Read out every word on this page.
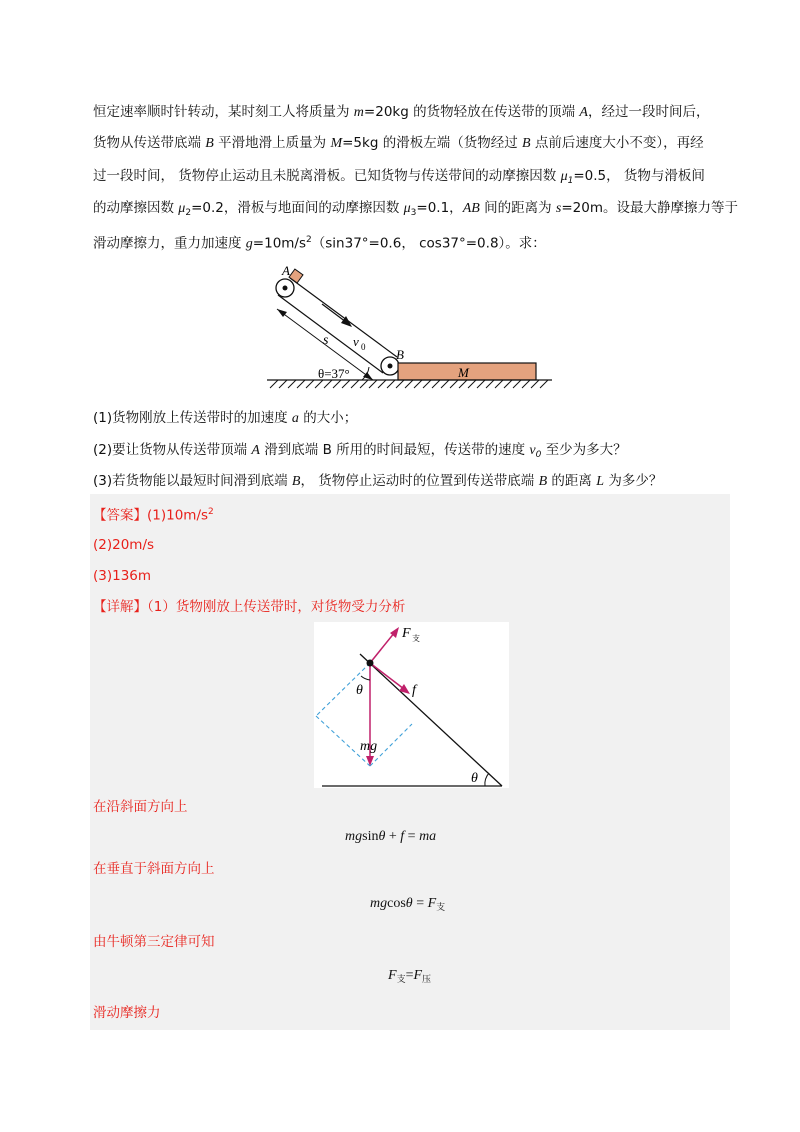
恒定速率顺时针转动，某时刻工人将质量为 m=20kg 的货物轻放在传送带的顶端 A，经过一段时间后，
货物从传送带底端 B 平滑地滑上质量为 M=5kg 的滑板左端（货物经过 B 点前后速度大小不变），再经
过一段时间， 货物停止运动且未脱离滑板。已知货物与传送带间的动摩擦因数 $\mu_1=0.5$， 货物与滑板间
的动摩擦因数 $\mu_2=0.2$，滑板与地面间的动摩擦因数 $\mu_3=0.1$，AB 间的距离为 s=20m。设最大静摩擦力等于
滑动摩擦力，重力加速度 $g=10m/s^2(\sin 37^\circ=0.6$， cos37°=0.8）。求：
A
B
s v 0
θ=37°	M
(1)货物刚放上传送带时的加速度 a 的大小；
(2)要让货物从传送带顶端 A 滑到底端 B 所用的时间最短，传送带的速度 $v_0$ 至少为多大？
(3)若货物能以最短时间滑到底端 B， 货物停止运动时的位置到传送带底端 B 的距离 L 为多少？
【答案】$(1)10m/s^2$
(2)20m/s
(3)136m
【详解】（1）货物刚放上传送带时，对货物受力分析
F 支
f
θ
mg
θ
在沿斜面方向上
mgsinθ + f = ma
在垂直于斜面方向上
$mgcos\theta = F_支$
由牛顿第三定律可知
$F_支=F_压$
滑动摩擦力
